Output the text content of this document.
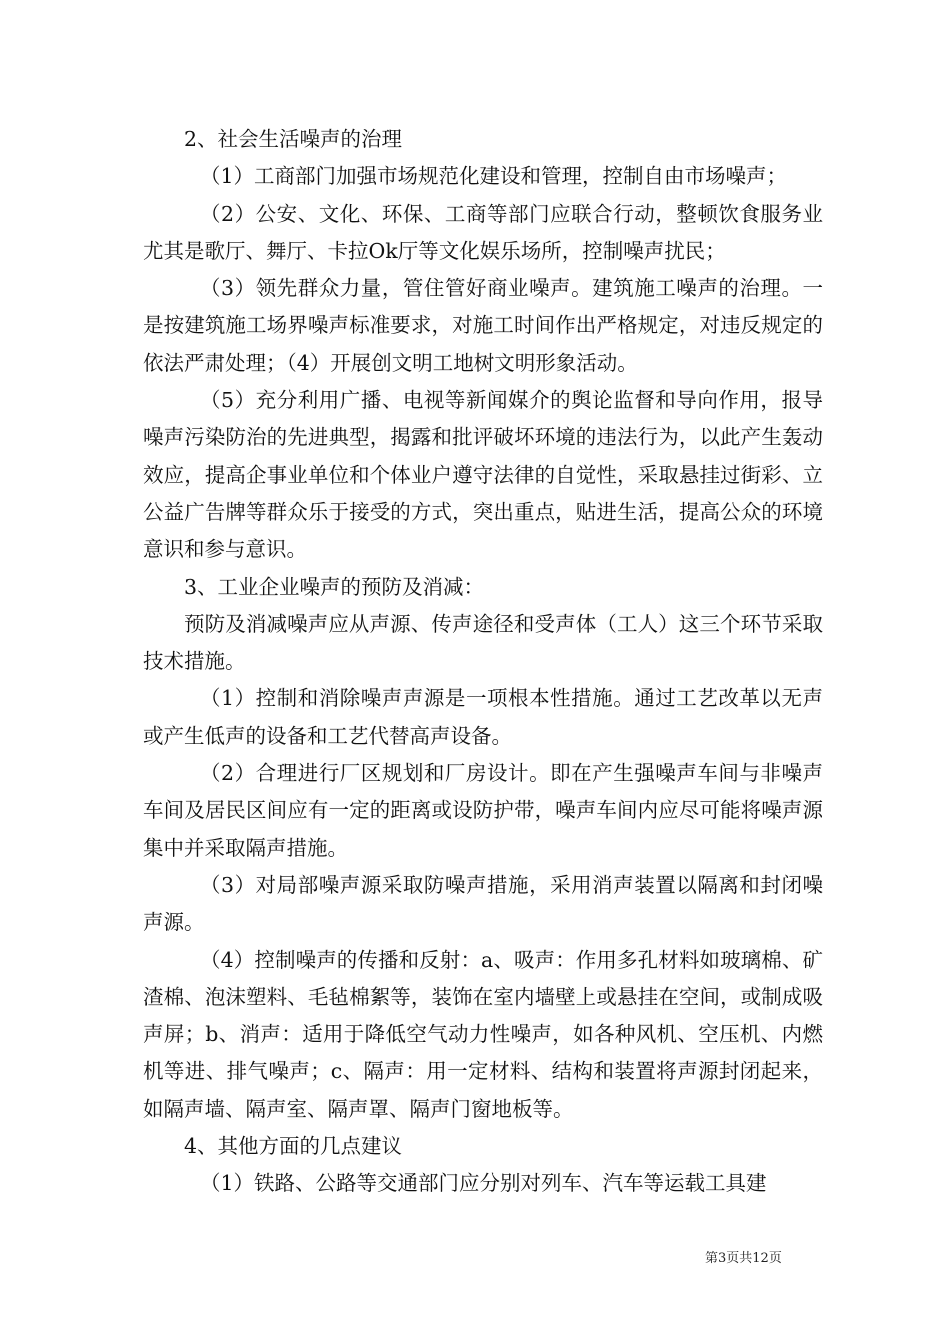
2、社会生活噪声的治理

（1）工商部门加强市场规范化建设和管理，控制自由市场噪声；

（2）公安、文化、环保、工商等部门应联合行动，整顿饮食服务业尤其是歌厅、舞厅、卡拉Ok厅等文化娱乐场所，控制噪声扰民；

（3）领先群众力量，管住管好商业噪声。建筑施工噪声的治理。一是按建筑施工场界噪声标准要求，对施工时间作出严格规定，对违反规定的依法严肃处理；（4）开展创文明工地树文明形象活动。

（5）充分利用广播、电视等新闻媒介的舆论监督和导向作用，报导噪声污染防治的先进典型，揭露和批评破坏环境的违法行为，以此产生轰动效应，提高企事业单位和个体业户遵守法律的自觉性，采取悬挂过街彩、立公益广告牌等群众乐于接受的方式，突出重点，贴进生活，提高公众的环境意识和参与意识。

3、工业企业噪声的预防及消减：

预防及消减噪声应从声源、传声途径和受声体（工人）这三个环节采取技术措施。

（1）控制和消除噪声声源是一项根本性措施。通过工艺改革以无声或产生低声的设备和工艺代替高声设备。

（2）合理进行厂区规划和厂房设计。即在产生强噪声车间与非噪声车间及居民区间应有一定的距离或设防护带，噪声车间内应尽可能将噪声源集中并采取隔声措施。

（3）对局部噪声源采取防噪声措施，采用消声装置以隔离和封闭噪声源。

（4）控制噪声的传播和反射：a、吸声：作用多孔材料如玻璃棉、矿渣棉、泡沫塑料、毛毡棉絮等，装饰在室内墙壁上或悬挂在空间，或制成吸声屏；b、消声：适用于降低空气动力性噪声，如各种风机、空压机、内燃机等进、排气噪声；c、隔声：用一定材料、结构和装置将声源封闭起来，如隔声墙、隔声室、隔声罩、隔声门窗地板等。

4、其他方面的几点建议

（1）铁路、公路等交通部门应分别对列车、汽车等运载工具建

第3页共12页
